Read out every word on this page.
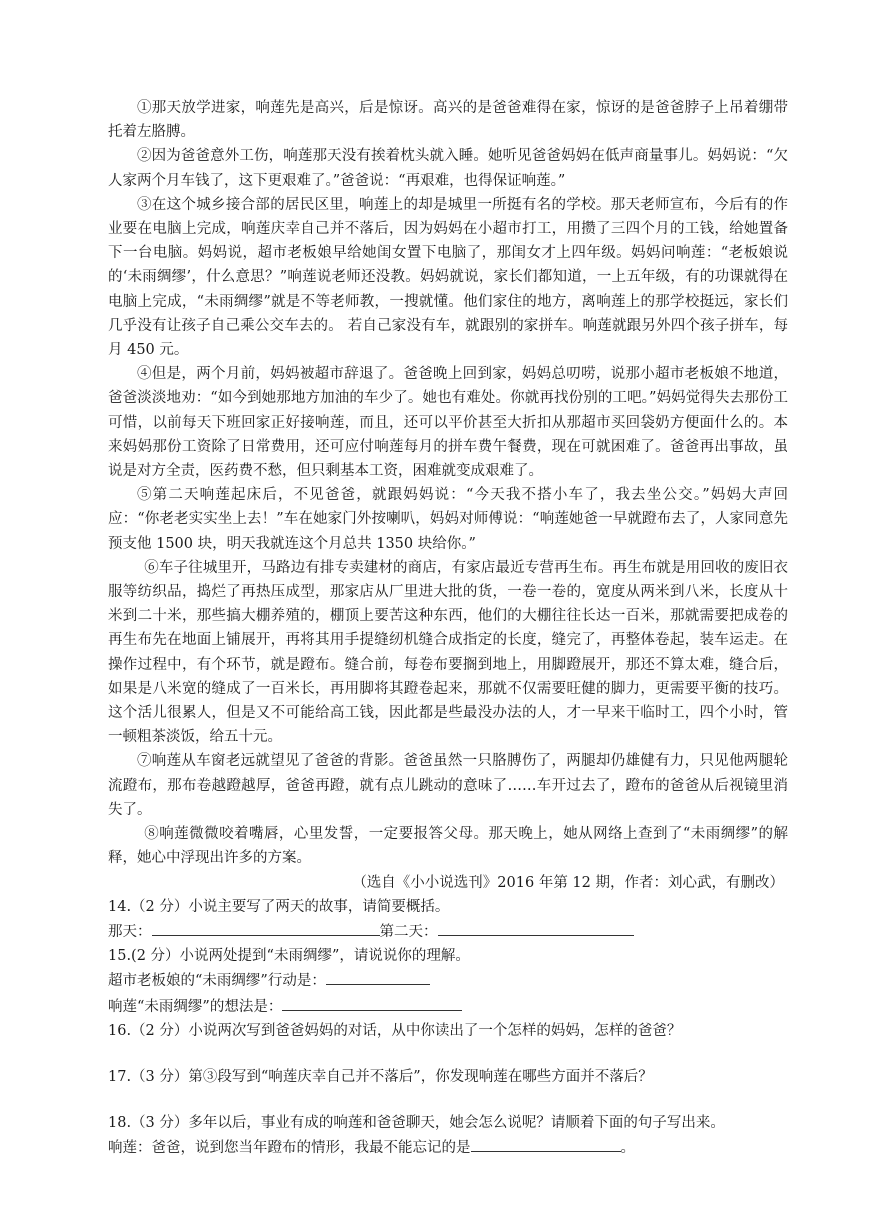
①那天放学进家，响莲先是高兴，后是惊讶。高兴的是爸爸难得在家，惊讶的是爸爸脖子上吊着绷带托着左胳膊。

②因为爸爸意外工伤，响莲那天没有挨着枕头就入睡。她听见爸爸妈妈在低声商量事儿。妈妈说：“欠人家两个月车钱了，这下更艰难了。”爸爸说：“再艰难，也得保证响莲。”

③在这个城乡接合部的居民区里，响莲上的却是城里一所挺有名的学校。那天老师宣布，今后有的作业要在电脑上完成，响莲庆幸自己并不落后，因为妈妈在小超市打工，用攒了三四个月的工钱，给她置备下一台电脑。妈妈说，超市老板娘早给她闺女置下电脑了，那闺女才上四年级。妈妈问响莲：“老板娘说的‘未雨绸缪’，什么意思？”响莲说老师还没教。妈妈就说，家长们都知道，一上五年级，有的功课就得在电脑上完成，“未雨绸缪”就是不等老师教，一搜就懂。他们家住的地方，离响莲上的那学校挺远，家长们几乎没有让孩子自己乘公交车去的。 若自己家没有车，就跟别的家拼车。响莲就跟另外四个孩子拼车，每月 450 元。

④但是，两个月前，妈妈被超市辞退了。爸爸晚上回到家，妈妈总叨唠，说那小超市老板娘不地道，爸爸淡淡地劝：“如今到她那地方加油的车少了。她也有难处。你就再找份别的工吧。”妈妈觉得失去那份工可惜，以前每天下班回家正好接响莲，而且，还可以平价甚至大折扣从那超市买回袋奶方便面什么的。本来妈妈那份工资除了日常费用，还可应付响莲每月的拼车费午餐费，现在可就困难了。爸爸再出事故，虽说是对方全责，医药费不愁，但只剩基本工资，困难就变成艰难了。

⑤第二天响莲起床后，不见爸爸，就跟妈妈说：“今天我不搭小车了，我去坐公交。”妈妈大声回应：“你老老实实坐上去！”车在她家门外按喇叭，妈妈对师傅说：“响莲她爸一早就蹬布去了，人家同意先预支他 1500 块，明天我就连这个月总共 1350 块给你。”

⑥车子往城里开，马路边有排专卖建材的商店，有家店最近专营再生布。再生布就是用回收的废旧衣服等纺织品，捣烂了再热压成型，那家店从厂里进大批的货，一卷一卷的，宽度从两米到八米，长度从十米到二十米，那些搞大棚养殖的，棚顶上要苦这种东西，他们的大棚往往长达一百米，那就需要把成卷的再生布先在地面上铺展开，再将其用手提缝纫机缝合成指定的长度，缝完了，再整体卷起，装车运走。在操作过程中，有个环节，就是蹬布。缝合前，每卷布要搁到地上，用脚蹬展开，那还不算太难，缝合后，如果是八米宽的缝成了一百米长，再用脚将其蹬卷起来，那就不仅需要旺健的脚力，更需要平衡的技巧。这个活儿很累人，但是又不可能给高工钱，因此都是些最没办法的人，才一早来干临时工，四个小时，管一顿粗茶淡饭，给五十元。

⑦响莲从车窗老远就望见了爸爸的背影。爸爸虽然一只胳膊伤了，两腿却仍雄健有力，只见他两腿轮流蹬布，那布卷越蹬越厚，爸爸再蹬，就有点儿跳动的意味了……车开过去了，蹬布的爸爸从后视镜里消失了。

⑧响莲微微咬着嘴唇，心里发誓，一定要报答父母。那天晚上，她从网络上查到了“未雨绸缪”的解释，她心中浮现出许多的方案。

（选自《小小说选刊》2016 年第 12 期，作者：刘心武，有删改）

14.（2 分）小说主要写了两天的故事，请简要概括。

那天：	第二天：

15.(2 分）小说两处提到“未雨绸缪”，请说说你的理解。

超市老板娘的“未雨绸缪”行动是：

响莲“未雨绸缪”的想法是：

16.（2 分）小说两次写到爸爸妈妈的对话，从中你读出了一个怎样的妈妈，怎样的爸爸？

17.（3 分）第③段写到“响莲庆幸自己并不落后”，你发现响莲在哪些方面并不落后？

18.（3 分）多年以后，事业有成的响莲和爸爸聊天，她会怎么说呢？请顺着下面的句子写出来。

响莲：爸爸，说到您当年蹬布的情形，我最不能忘记的是	。
